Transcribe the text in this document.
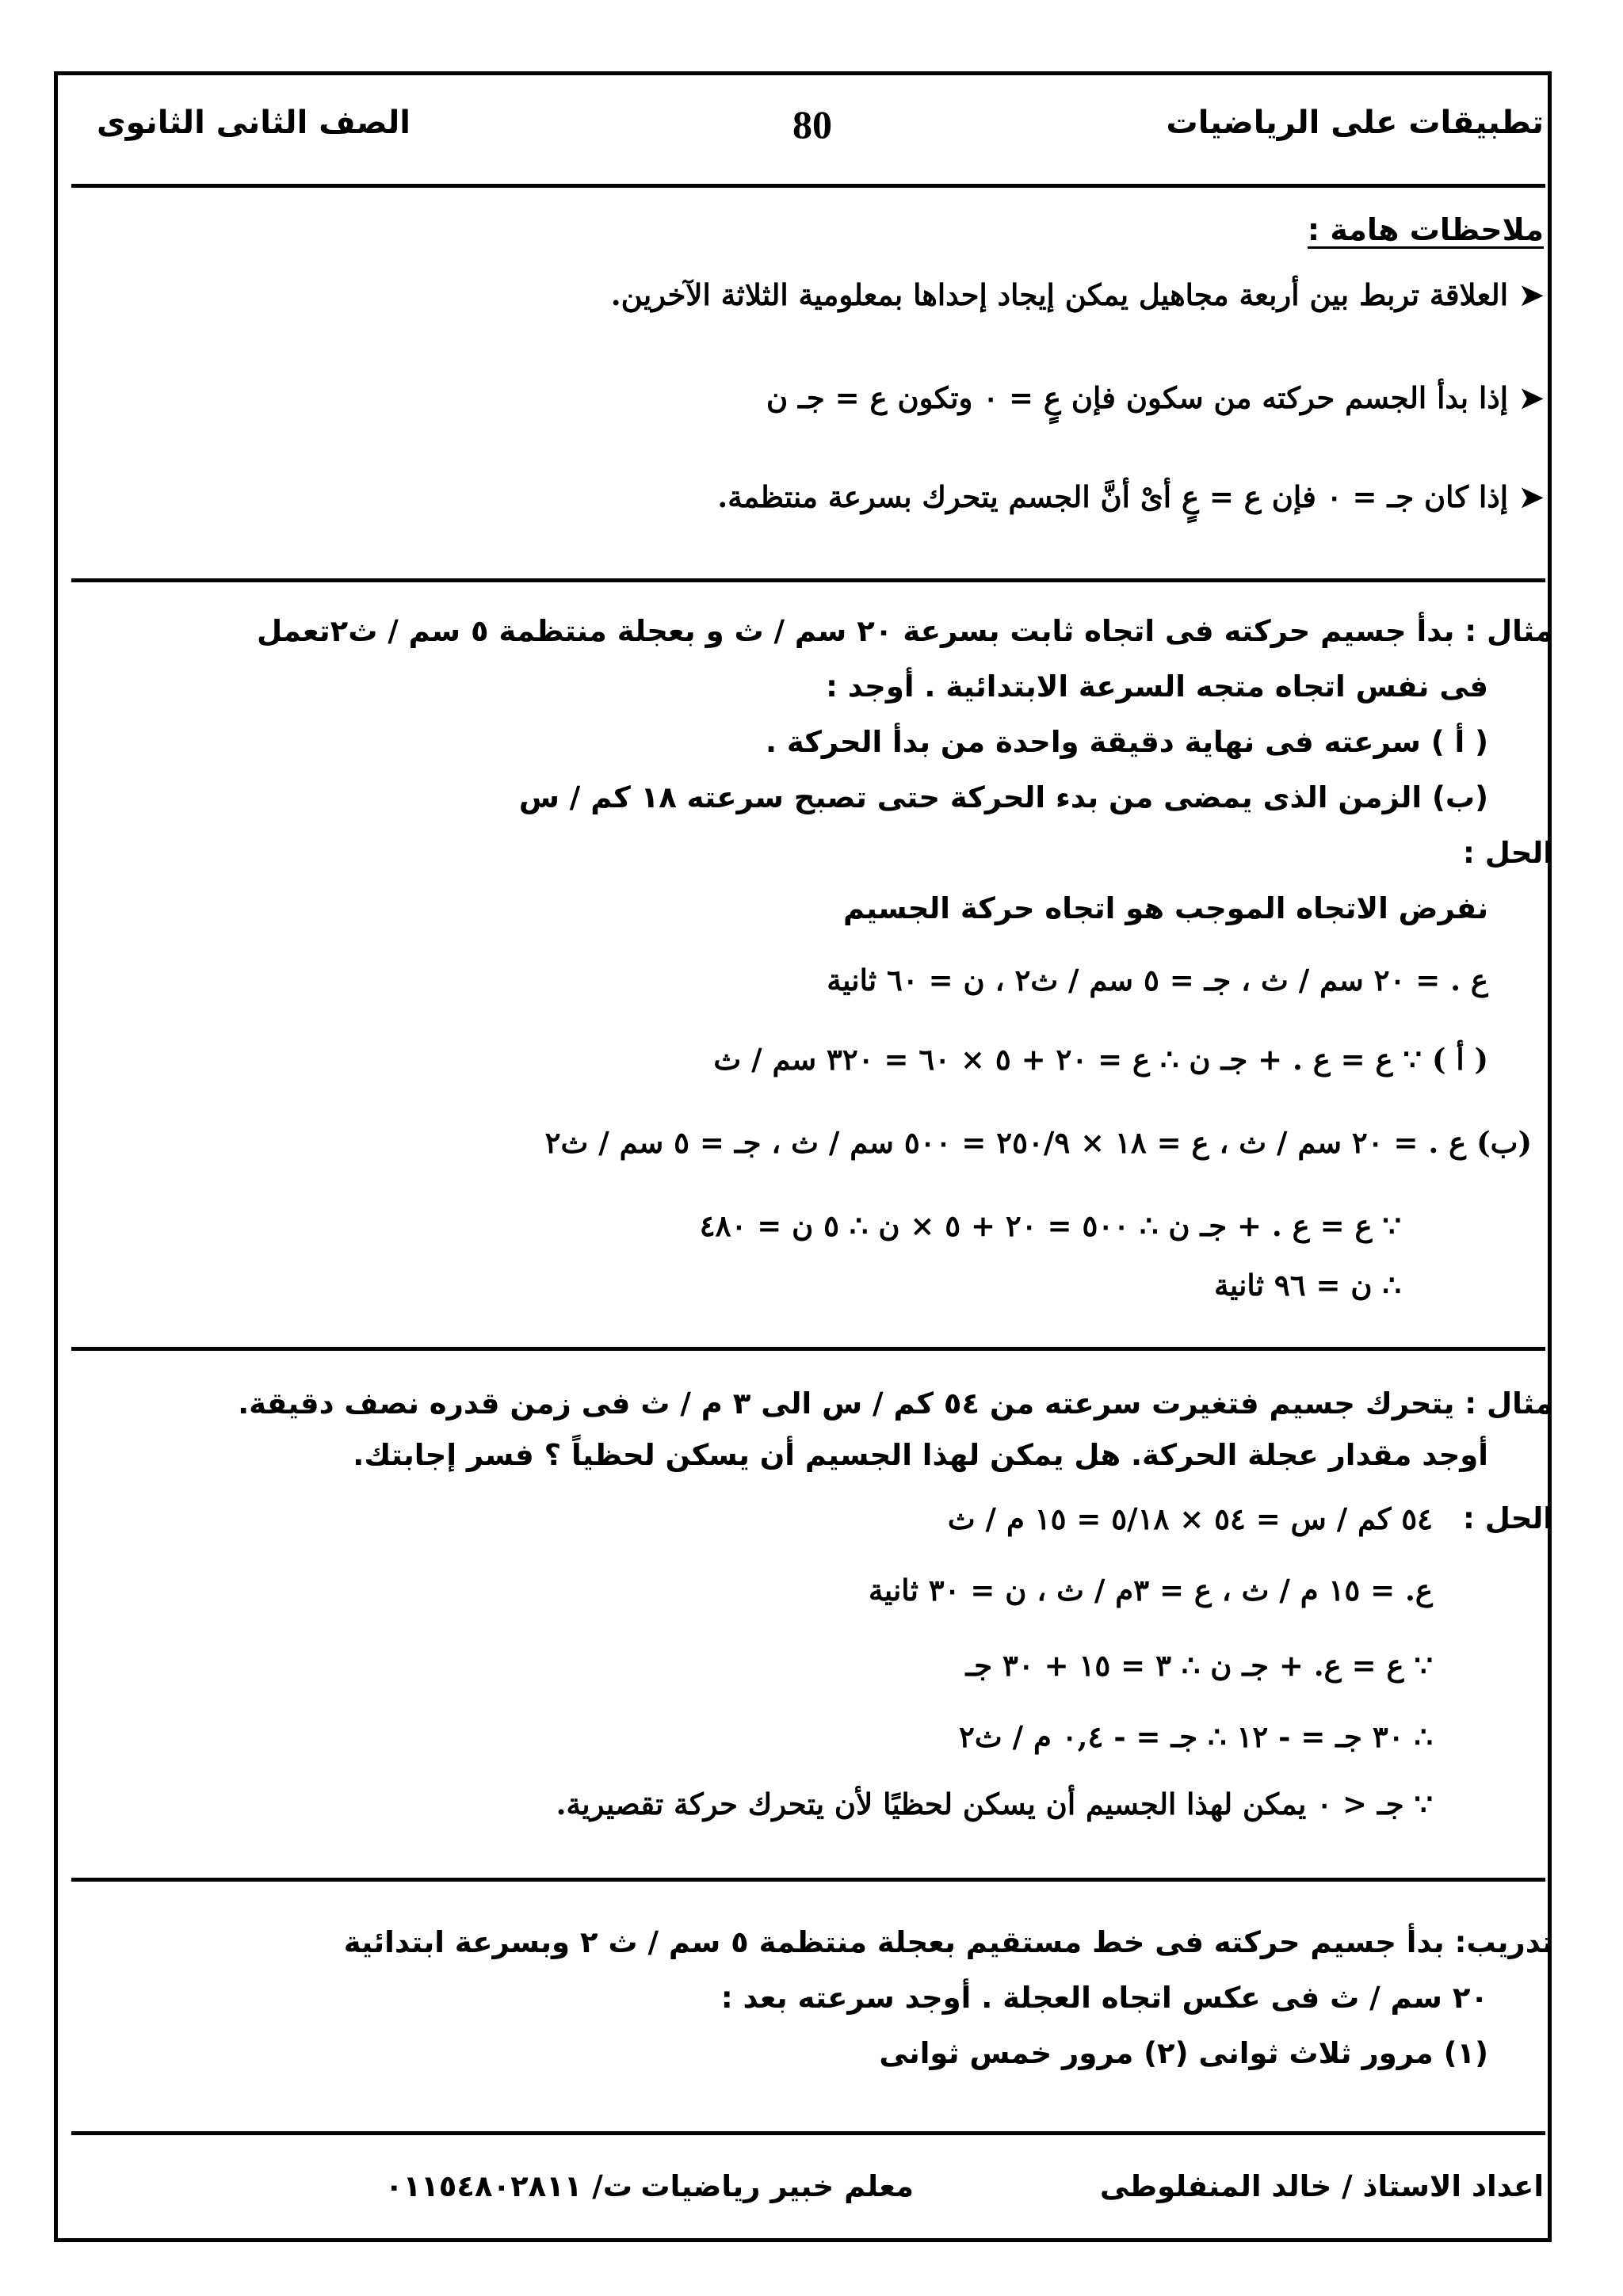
تطبيقات على الرياضيات
80
الصف الثانى الثانوى
ملاحظات هامة :
➤العلاقة تربط بين أربعة مجاهيل يمكن إيجاد إحداها بمعلومية الثلاثة الآخرين.
➤إذا بدأ الجسم حركته من سكون فإن عٍ = ٠ وتكون ع = جـ ن
➤إذا كان جـ = ٠ فإن ع = عٍ أىْ أنَّ الجسم يتحرك بسرعة منتظمة.
مثال : بدأ جسيم حركته فى اتجاه ثابت بسرعة ٢٠ سم / ث و بعجلة منتظمة ٥ سم / ث٢تعمل
فى نفس اتجاه متجه السرعة الابتدائية . أوجد :
( أ ) سرعته فى نهاية دقيقة واحدة من بدأ الحركة .
(ب) الزمن الذى يمضى من بدء الحركة حتى تصبح سرعته ١٨ كم / س
الحل :
نفرض الاتجاه الموجب هو اتجاه حركة الجسيم
ع . = ٢٠ سم / ث ، جـ = ٥ سم / ث٢ ، ن = ٦٠ ثانية
( أ ) ∵ ع = ع . + جـ ن ∴ ع = ٢٠ + ٥ × ٦٠ = ٣٢٠ سم / ث
(ب) ع . = ٢٠ سم / ث ، ع = ١٨ × ٢٥٠/٩ = ٥٠٠ سم / ث ، جـ = ٥ سم / ث٢
∵ ع = ع . + جـ ن ∴ ٥٠٠ = ٢٠ + ٥ × ن ∴ ٥ ن = ٤٨٠
∴ ن = ٩٦ ثانية
مثال : يتحرك جسيم فتغيرت سرعته من ٥٤ كم / س الى ٣ م / ث فى زمن قدره نصف دقيقة.
أوجد مقدار عجلة الحركة. هل يمكن لهذا الجسيم أن يسكن لحظياً ؟ فسر إجابتك.
الحل :
٥٤ كم / س = ٥٤ × ٥/١٨ = ١٥ م / ث
ع. = ١٥ م / ث ، ع = ٣م / ث ، ن = ٣٠ ثانية
∵ ع = ع. + جـ ن ∴ ٣ = ١٥ + ٣٠ جـ
∴ ٣٠ جـ = - ١٢ ∴ جـ = - ٠,٤ م / ث٢
∵ جـ < ٠ يمكن لهذا الجسيم أن يسكن لحظيًا لأن يتحرك حركة تقصيرية.
تدريب: بدأ جسيم حركته فى خط مستقيم بعجلة منتظمة ٥ سم / ث ٢ وبسرعة ابتدائية
٢٠ سم / ث فى عكس اتجاه العجلة . أوجد سرعته بعد :
(١) مرور ثلاث ثوانى (٢) مرور خمس ثوانى
اعداد الاستاذ / خالد المنفلوطى
معلم خبير رياضيات
ت/ ٠١١٥٤٨٠٢٨١١
